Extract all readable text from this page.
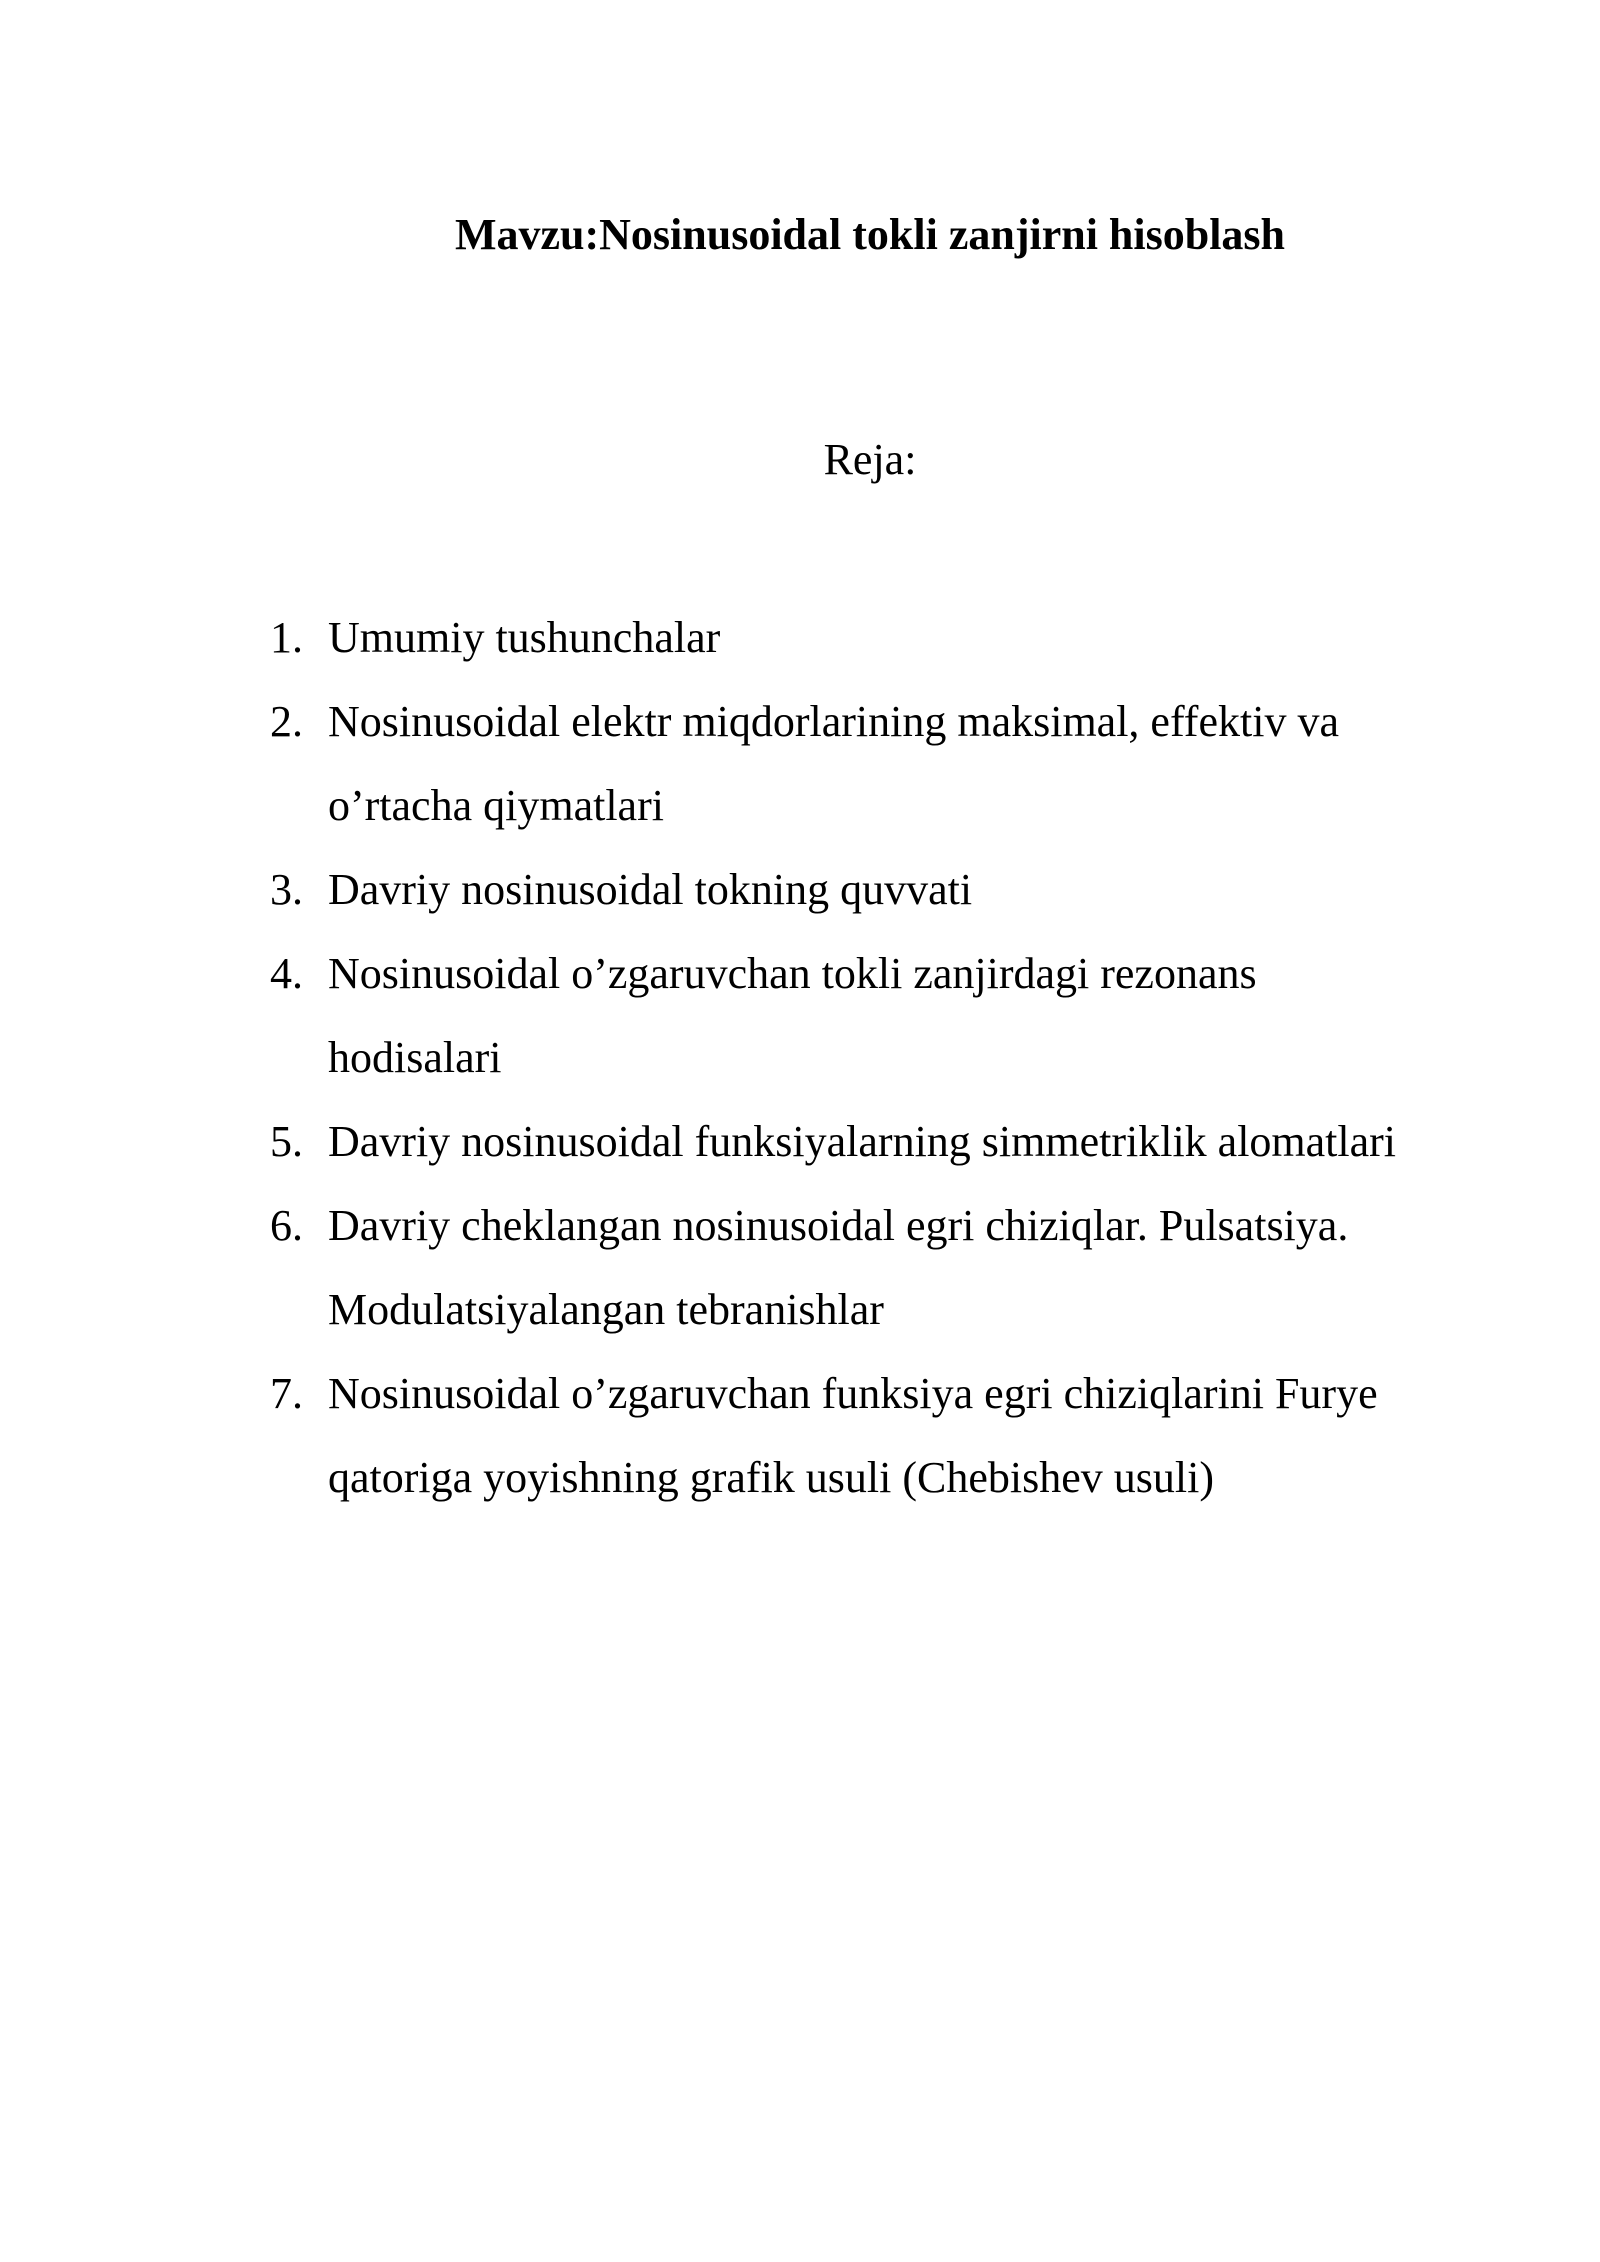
Mavzu:Nosinusoidal tokli zanjirni hisoblash
Reja:
1. Umumiy tushunchalar
2. Nosinusoidal elektr miqdorlarining maksimal, effektiv va
o’rtacha qiymatlari
3. Davriy nosinusoidal tokning quvvati
4. Nosinusoidal o’zgaruvchan tokli zanjirdagi rezonans
hodisalari
5. Davriy nosinusoidal funksiyalarning simmetriklik alomatlari
6. Davriy cheklangan nosinusoidal egri chiziqlar. Pulsatsiya.
Modulatsiyalangan tebranishlar
7. Nosinusoidal o’zgaruvchan funksiya egri chiziqlarini Furye
qatoriga yoyishning grafik usuli (Chebishev usuli)
